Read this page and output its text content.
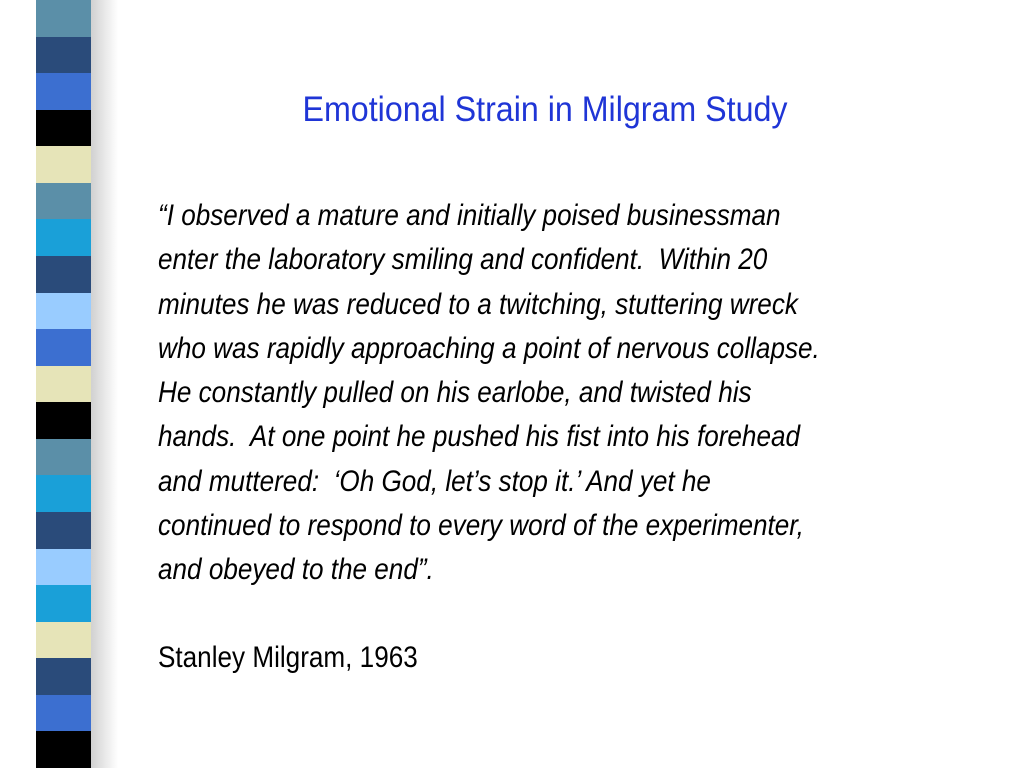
Emotional Strain in Milgram Study
“I observed a mature and initially poised businessman
enter the laboratory smiling and confident.  Within 20
minutes he was reduced to a twitching, stuttering wreck
who was rapidly approaching a point of nervous collapse.
He constantly pulled on his earlobe, and twisted his
hands.  At one point he pushed his fist into his forehead
and muttered:  ‘Oh God, let’s stop it.’ And yet he
continued to respond to every word of the experimenter,
and obeyed to the end”.
Stanley Milgram, 1963
